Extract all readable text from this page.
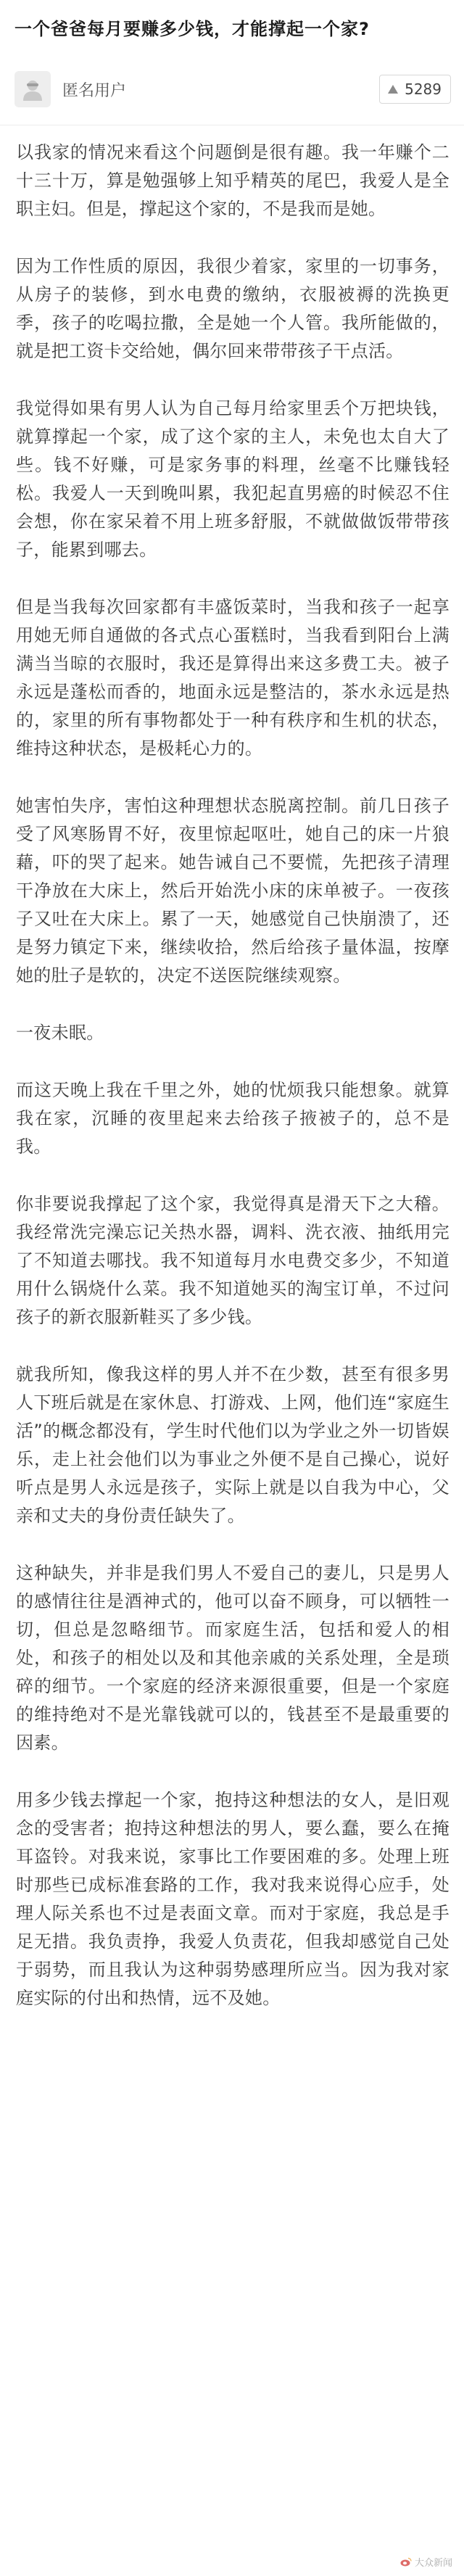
一个爸爸每月要赚多少钱，才能撑起一个家?
匿名用户	5289

以我家的情况来看这个问题倒是很有趣。我一年赚个二十三十万，算是勉强够上知乎精英的尾巴，我爱人是全职主妇。但是，撑起这个家的，不是我而是她。

因为工作性质的原因，我很少着家，家里的一切事务，从房子的装修，到水电费的缴纳，衣服被褥的洗换更季，孩子的吃喝拉撒，全是她一个人管。我所能做的，就是把工资卡交给她，偶尔回来带带孩子干点活。

我觉得如果有男人认为自己每月给家里丢个万把块钱，就算撑起一个家，成了这个家的主人，未免也太自大了些。钱不好赚，可是家务事的料理，丝毫不比赚钱轻松。我爱人一天到晚叫累，我犯起直男癌的时候忍不住会想，你在家呆着不用上班多舒服，不就做做饭带带孩子，能累到哪去。

但是当我每次回家都有丰盛饭菜时，当我和孩子一起享用她无师自通做的各式点心蛋糕时，当我看到阳台上满满当当晾的衣服时，我还是算得出来这多费工夫。被子永远是蓬松而香的，地面永远是整洁的，茶水永远是热的，家里的所有事物都处于一种有秩序和生机的状态，维持这种状态，是极耗心力的。

她害怕失序，害怕这种理想状态脱离控制。前几日孩子受了风寒肠胃不好，夜里惊起呕吐，她自己的床一片狼藉，吓的哭了起来。她告诫自己不要慌，先把孩子清理干净放在大床上，然后开始洗小床的床单被子。一夜孩子又吐在大床上。累了一天，她感觉自己快崩溃了，还是努力镇定下来，继续收拾，然后给孩子量体温，按摩她的肚子是软的，决定不送医院继续观察。

一夜未眠。

而这天晚上我在千里之外，她的忧烦我只能想象。就算我在家，沉睡的夜里起来去给孩子掖被子的，总不是我。

你非要说我撑起了这个家，我觉得真是滑天下之大稽。我经常洗完澡忘记关热水器，调料、洗衣液、抽纸用完了不知道去哪找。我不知道每月水电费交多少，不知道用什么锅烧什么菜。我不知道她买的淘宝订单，不过问孩子的新衣服新鞋买了多少钱。

就我所知，像我这样的男人并不在少数，甚至有很多男人下班后就是在家休息、打游戏、上网，他们连“家庭生活”的概念都没有，学生时代他们以为学业之外一切皆娱乐，走上社会他们以为事业之外便不是自己操心，说好听点是男人永远是孩子，实际上就是以自我为中心，父亲和丈夫的身份责任缺失了。

这种缺失，并非是我们男人不爱自己的妻儿，只是男人的感情往往是酒神式的，他可以奋不顾身，可以牺牲一切，但总是忽略细节。而家庭生活，包括和爱人的相处，和孩子的相处以及和其他亲戚的关系处理，全是琐碎的细节。一个家庭的经济来源很重要，但是一个家庭的维持绝对不是光靠钱就可以的，钱甚至不是最重要的因素。

用多少钱去撑起一个家，抱持这种想法的女人，是旧观念的受害者；抱持这种想法的男人，要么蠢，要么在掩耳盗铃。对我来说，家事比工作要困难的多。处理上班时那些已成标准套路的工作，我对我来说得心应手，处理人际关系也不过是表面文章。而对于家庭，我总是手足无措。我负责挣，我爱人负责花，但我却感觉自己处于弱势，而且我认为这种弱势感理所应当。因为我对家庭实际的付出和热情，远不及她。

大众新闻
